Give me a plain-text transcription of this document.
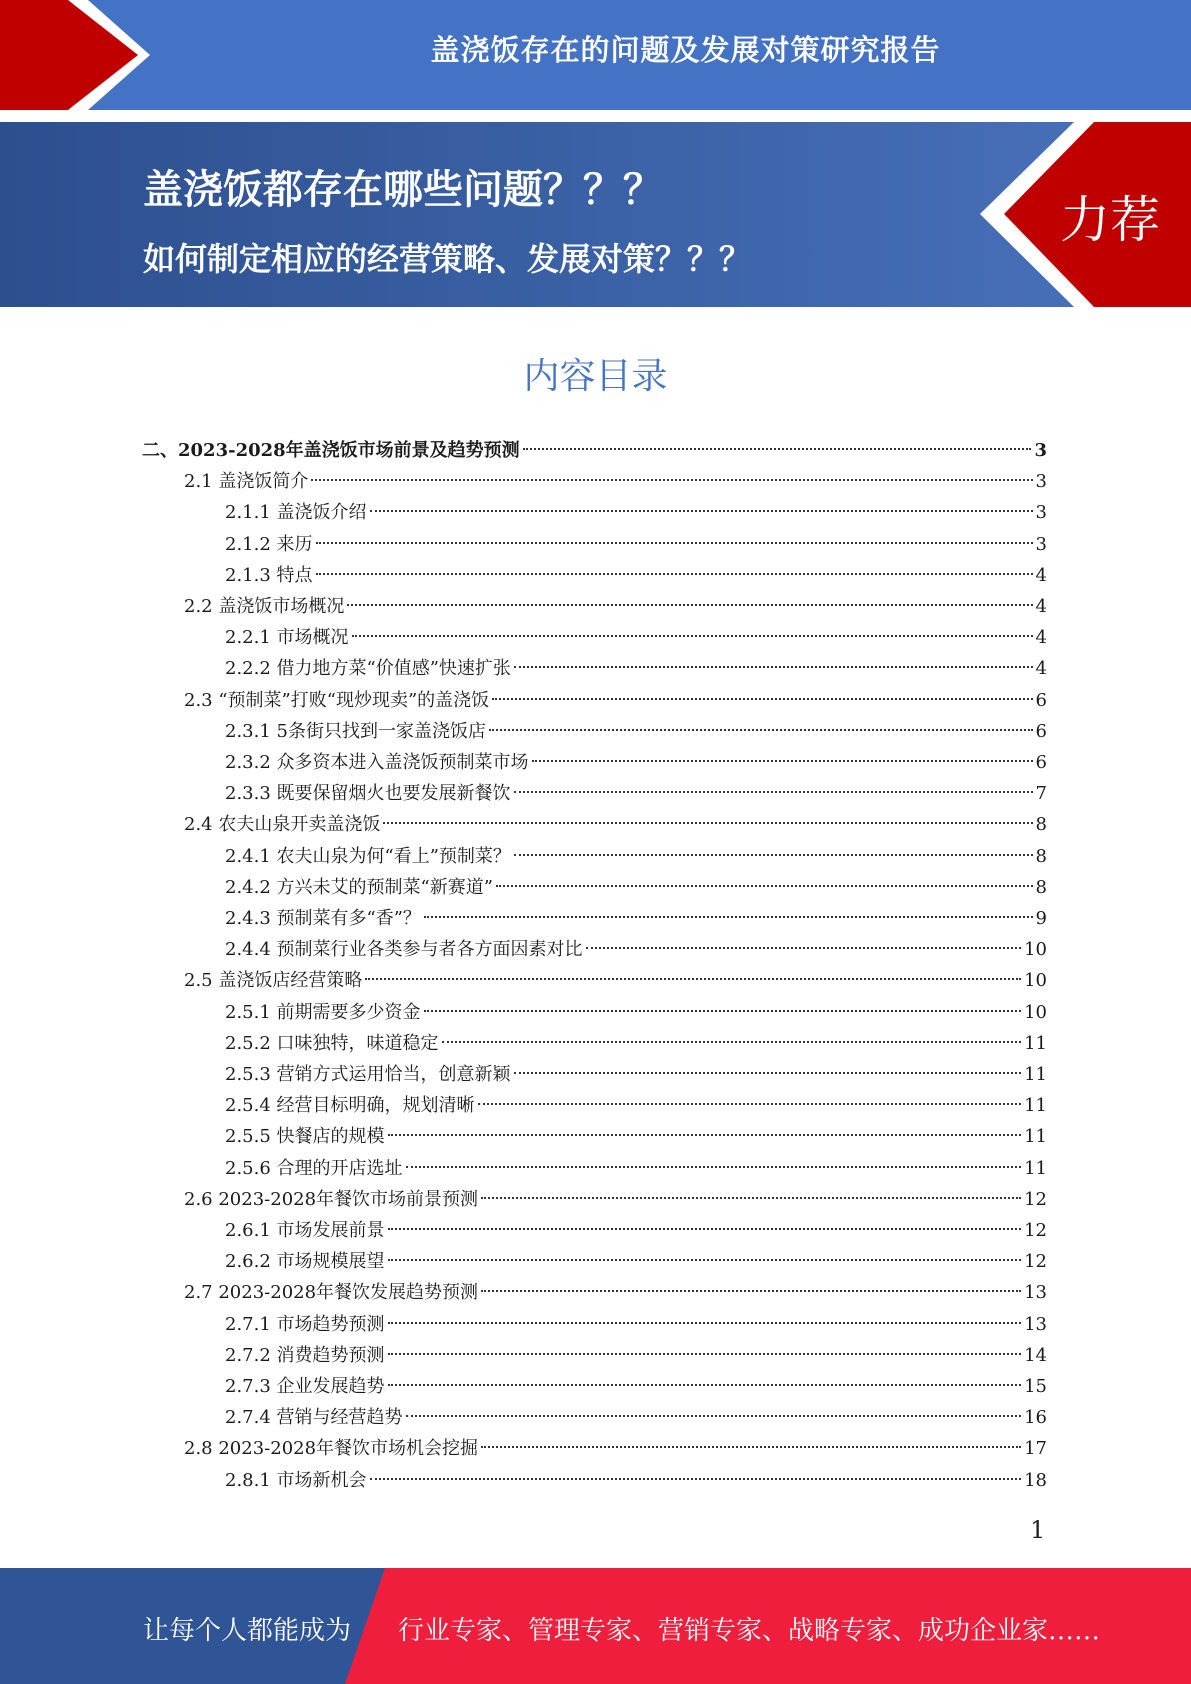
盖浇饭存在的问题及发展对策研究报告
盖浇饭都存在哪些问题？？？
如何制定相应的经营策略、发展对策？？？
力荐
内容目录
二、2023-2028年盖浇饭市场前景及趋势预测	3
2.1 盖浇饭简介	3
2.1.1 盖浇饭介绍	3
2.1.2 来历	3
2.1.3 特点	4
2.2 盖浇饭市场概况	4
2.2.1 市场概况	4
2.2.2 借力地方菜“价值感”快速扩张	4
2.3 “预制菜”打败“现炒现卖”的盖浇饭	6
2.3.1 5条街只找到一家盖浇饭店	6
2.3.2 众多资本进入盖浇饭预制菜市场	6
2.3.3 既要保留烟火也要发展新餐饮	7
2.4 农夫山泉开卖盖浇饭	8
2.4.1 农夫山泉为何“看上”预制菜？	8
2.4.2 方兴未艾的预制菜“新赛道”	8
2.4.3 预制菜有多“香”？	9
2.4.4 预制菜行业各类参与者各方面因素对比	10
2.5 盖浇饭店经营策略	10
2.5.1 前期需要多少资金	10
2.5.2 口味独特，味道稳定	11
2.5.3 营销方式运用恰当，创意新颖	11
2.5.4 经营目标明确，规划清晰	11
2.5.5 快餐店的规模	11
2.5.6 合理的开店选址	11
2.6 2023-2028年餐饮市场前景预测	12
2.6.1 市场发展前景	12
2.6.2 市场规模展望	12
2.7 2023-2028年餐饮发展趋势预测	13
2.7.1 市场趋势预测	13
2.7.2 消费趋势预测	14
2.7.3 企业发展趋势	15
2.7.4 营销与经营趋势	16
2.8 2023-2028年餐饮市场机会挖掘	17
2.8.1 市场新机会	18
1
让每个人都能成为 行业专家、管理专家、营销专家、战略专家、成功企业家……
